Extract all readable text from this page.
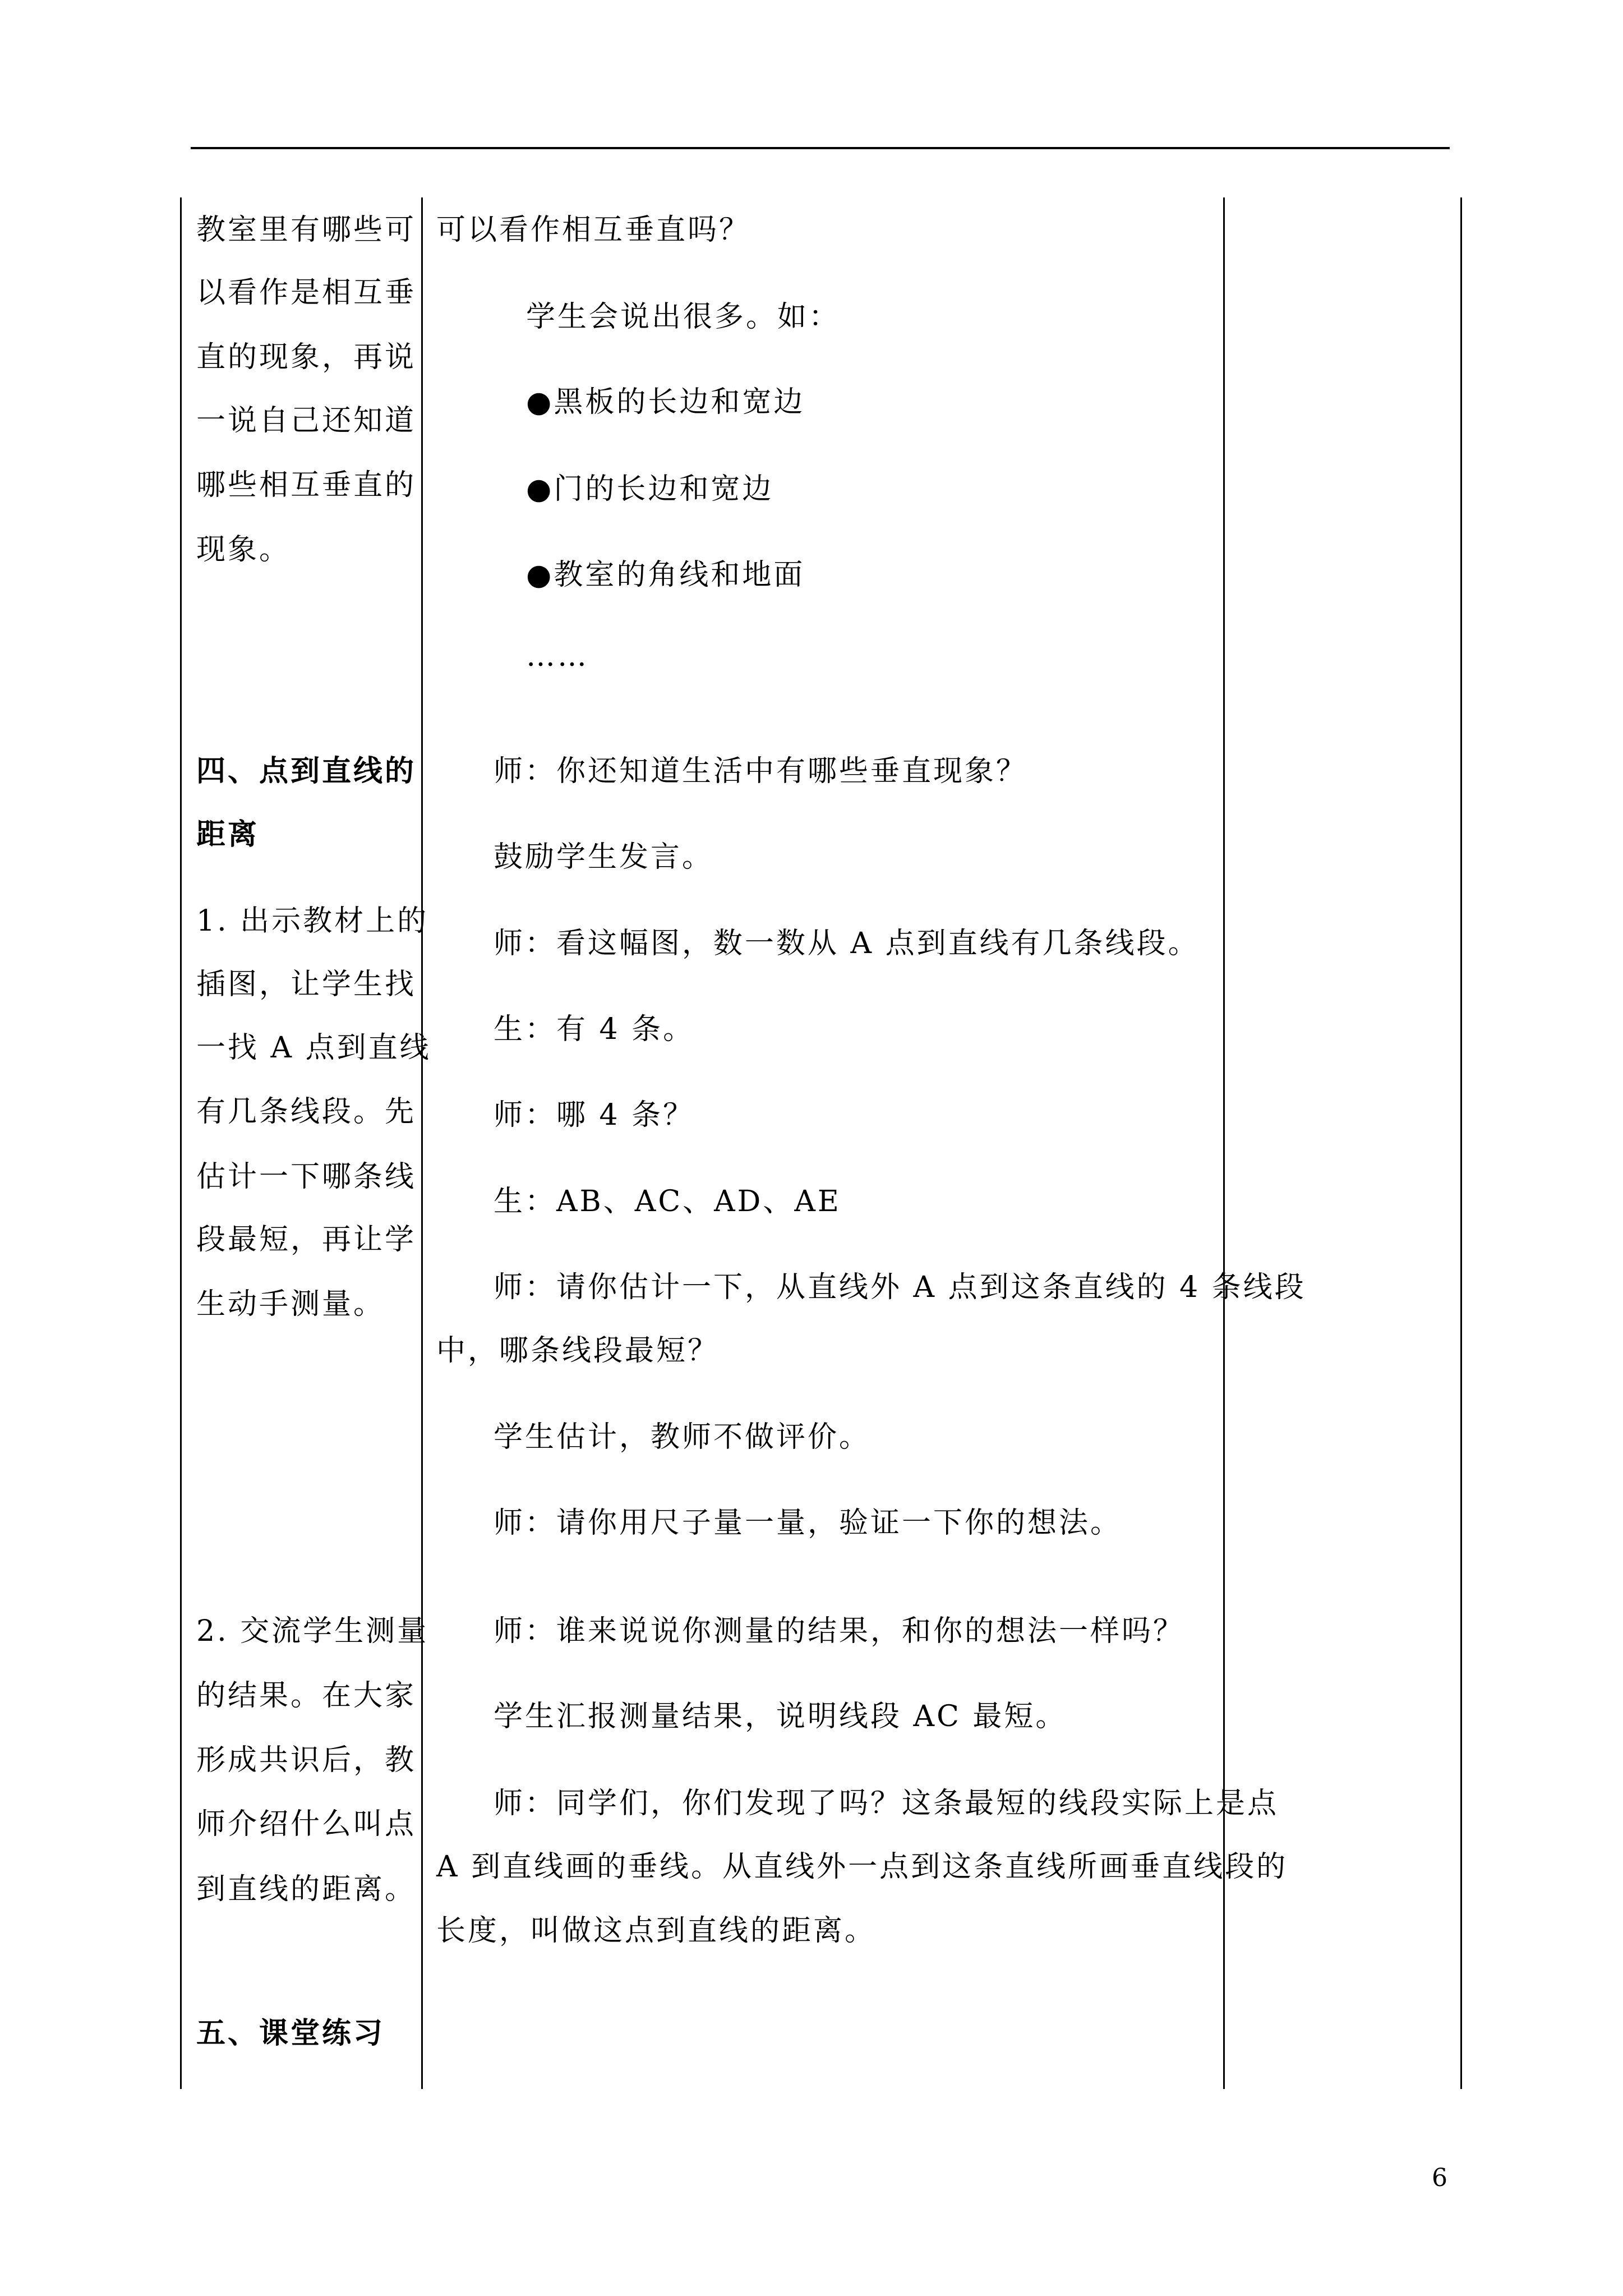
教室里有哪些可

以看作是相互垂

直的现象，再说

一说自己还知道

哪些相互垂直的

现象。

四、点到直线的

距离

1. 出示教材上的

插图，让学生找

一找 A 点到直线

有几条线段。先

估计一下哪条线

段最短，再让学

生动手测量。

2. 交流学生测量

的结果。在大家

形成共识后，教

师介绍什么叫点

到直线的距离。

五、课堂练习

可以看作相互垂直吗？

学生会说出很多。如：

●黑板的长边和宽边

●门的长边和宽边

●教室的角线和地面

……

师：你还知道生活中有哪些垂直现象？

鼓励学生发言。

师：看这幅图，数一数从 A 点到直线有几条线段。

生：有 4 条。

师：哪 4 条？

生：AB、AC、AD、AE

师：请你估计一下，从直线外 A 点到这条直线的 4 条线段

中，哪条线段最短？

学生估计，教师不做评价。

师：请你用尺子量一量，验证一下你的想法。

师：谁来说说你测量的结果，和你的想法一样吗？

学生汇报测量结果，说明线段 AC 最短。

师：同学们，你们发现了吗？这条最短的线段实际上是点

A 到直线画的垂线。从直线外一点到这条直线所画垂直线段的

长度，叫做这点到直线的距离。

6
